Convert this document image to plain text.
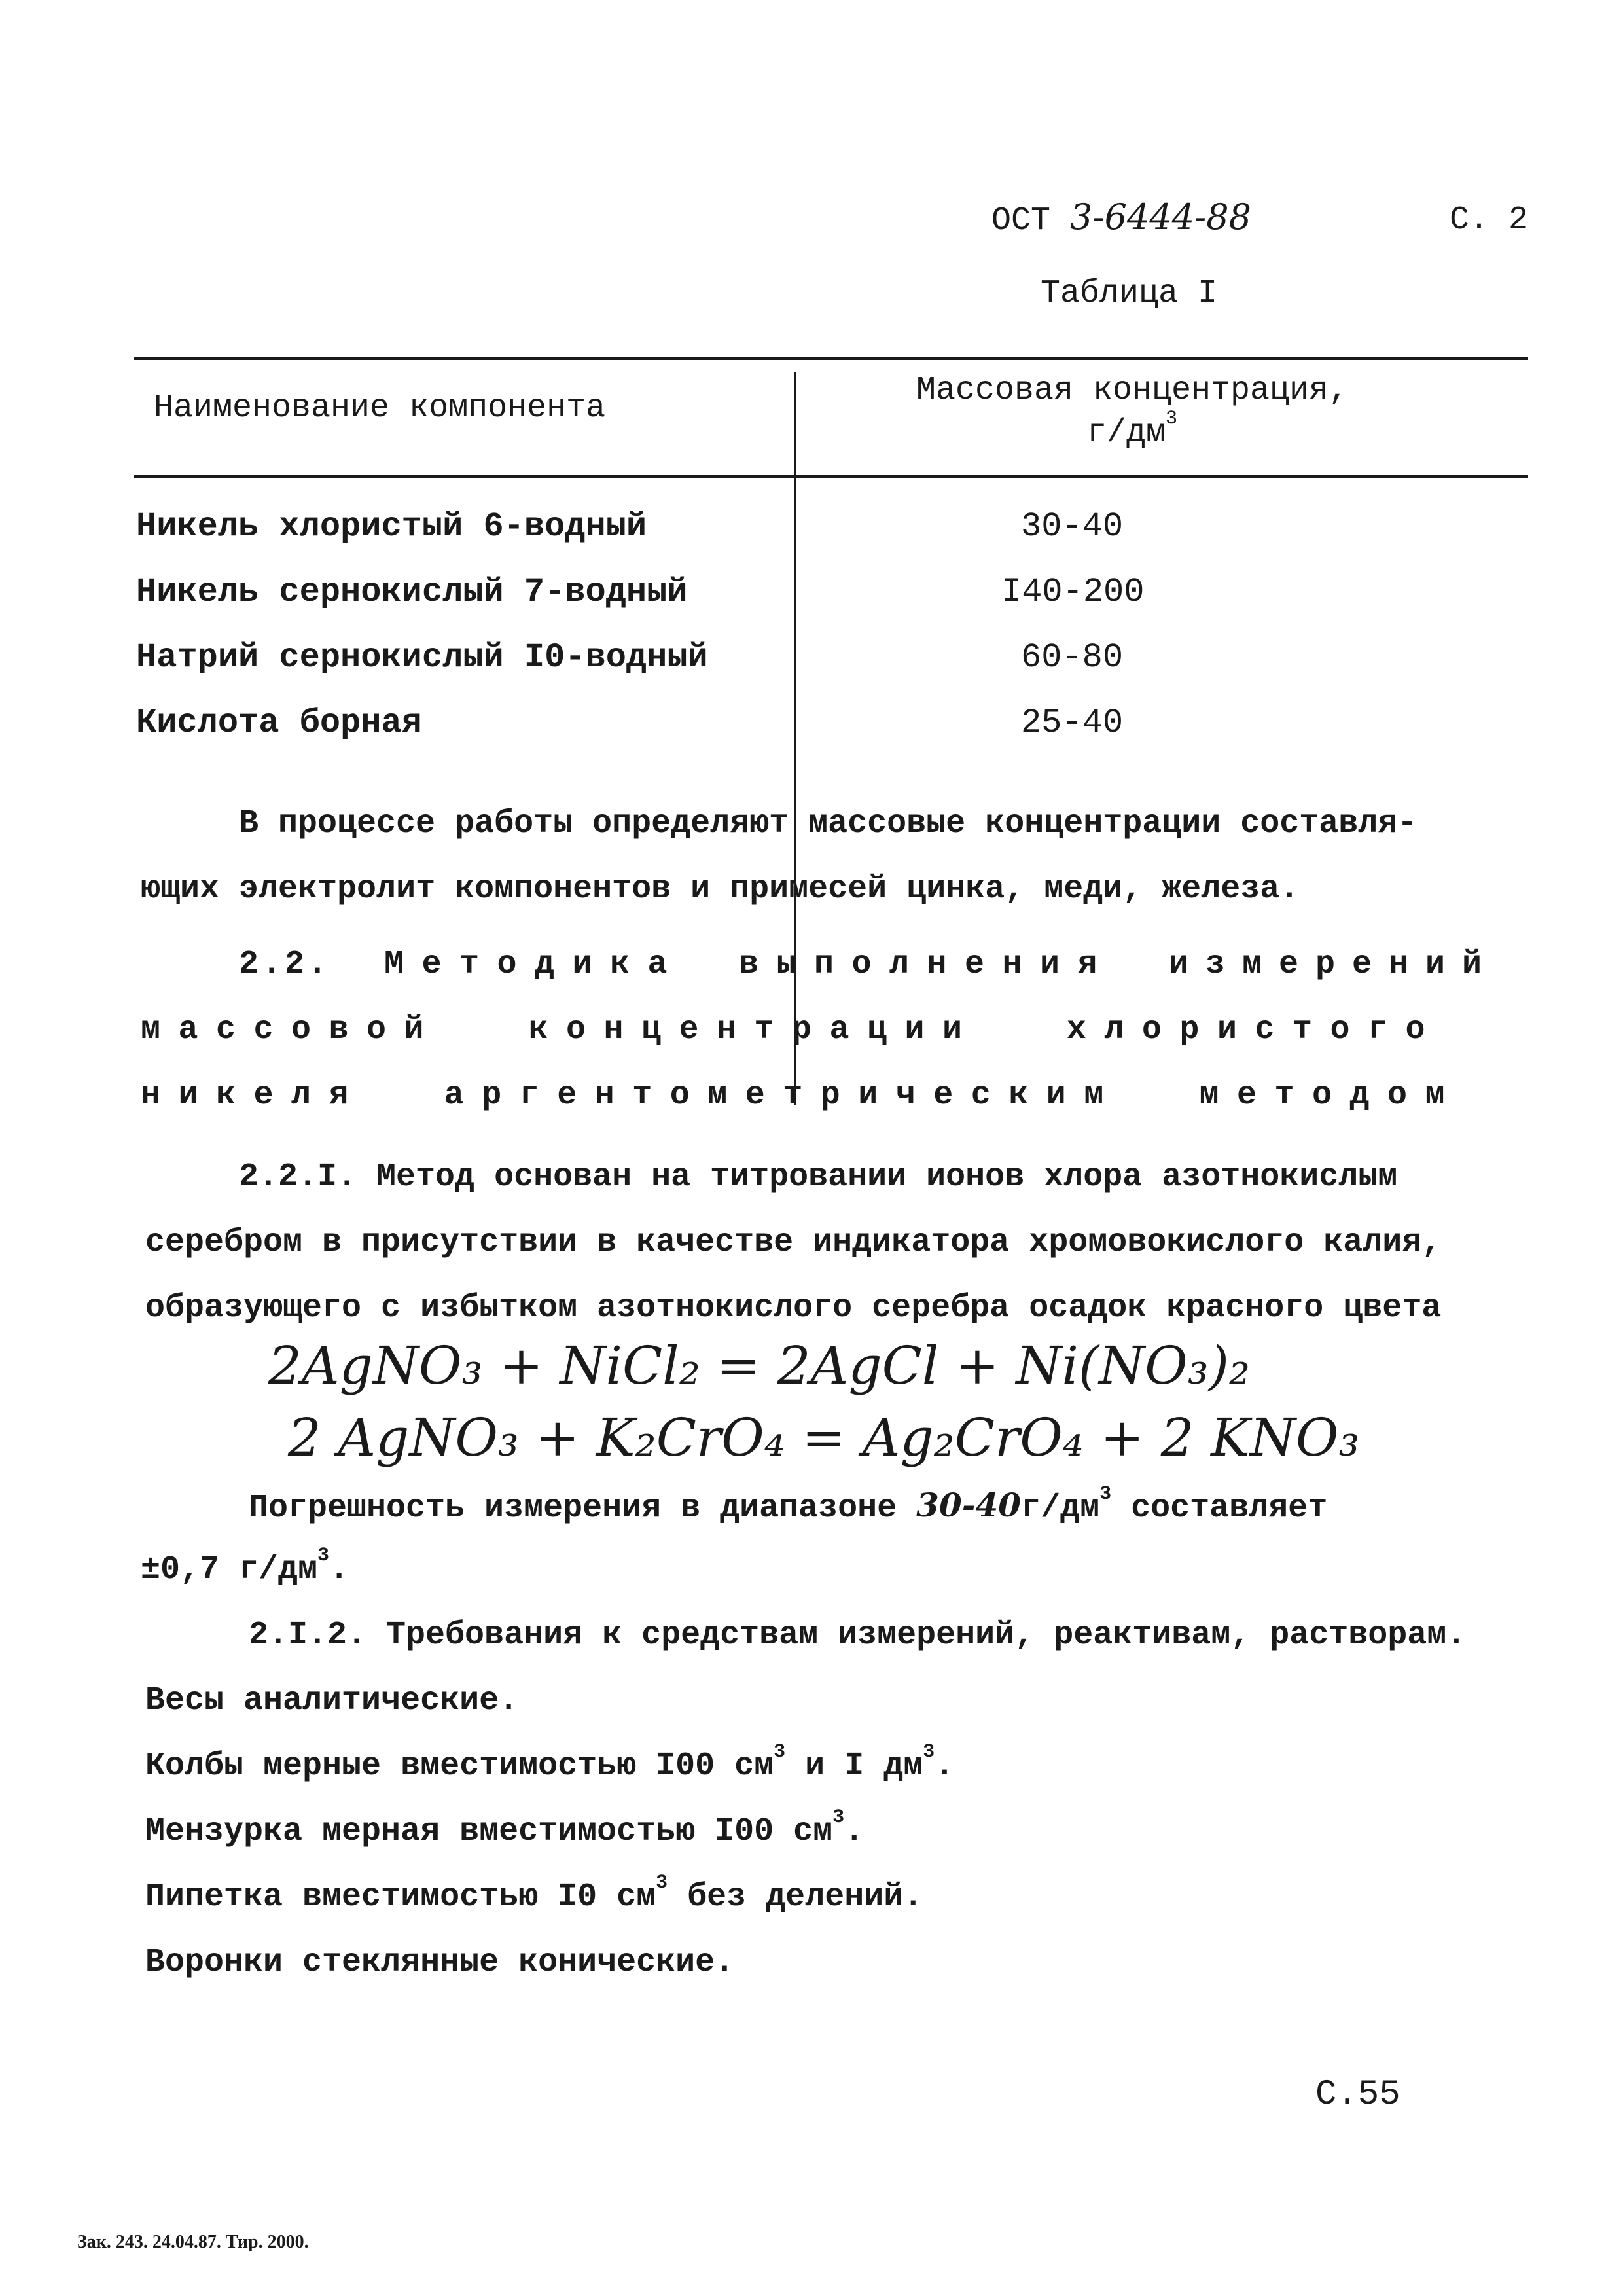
ОСТ 3-6444-88	С. 2
Таблица I
Наименование компонента	Массовая концентрация,
$г/дм^3$
Никель хлористый 6-водный	30-40
Никель сернокислый 7-водный	I40-200
Натрий сернокислый I0-водный	60-80
Кислота борная	25-40
В процессе работы определяют массовые концентрации составля-
ющих электролит компонентов и примесей цинка, меди, железа.
2.2. Методика выполнения измерений
массовой	концентрации	хлористого
никеля аргентометрическим методом
2.2.I. Метод основан на титровании ионов хлора азотнокислым
серебром в присутствии в качестве индикатора хромовокислого калия,
образующего с избытком азотнокислого серебра осадок красного цвета
2AgNO₃ + NiCl₂ = 2AgCl + Ni(NO₃)₂
2 AgNO₃ + K₂CrO₄ = Ag₂CrO₄ + 2 KNO₃
Погрешность измерения в диапазоне $30-40г/дм^3$ составляет
±0,7 $г/дм^3$.
2.I.2. Требования к средствам измерений, реактивам, растворам.
Весы аналитические.
Колбы мерные вместимостью I00 $см^3$ и I $дм^3$.
Мензурка мерная вместимостью I00 $см^3$.
Пипетка вместимостью I0 $см^3$ без делений.
Воронки стеклянные конические.
С.55
Зак. 243. 24.04.87. Тир. 2000.
